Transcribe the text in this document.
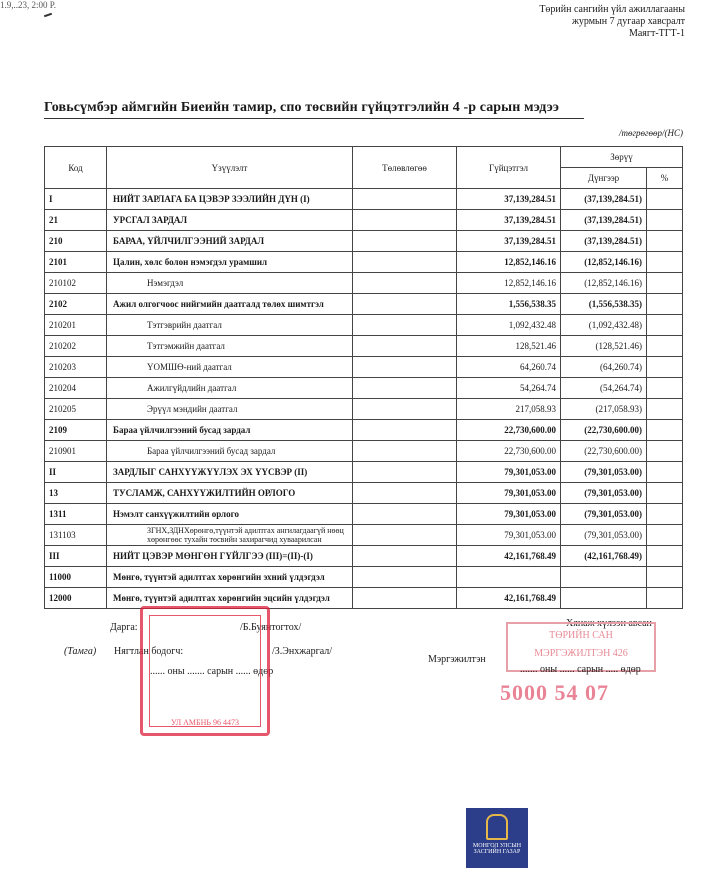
1.9,..23, 2:00 P.	Төрийн сангийн үйл ажиллагааны
журмын 7 дугаар хавсралт
Маягт-ТГТ-1
Говьсүмбэр аймгийн Биеийн тамир, спо төсвийн гүйцэтгэлийн 4 -р сарын мэдээ
/төгрөгөөр/(НС)
Код	Үзүүлэлт	Төлөвлөгөө	Гүйцэтгэл	Зөрүү	
				Дүнгээр	%
I	НИЙТ ЗАРЛАГА БА ЦЭВЭР ЗЭЭЛИЙН ДҮН (I)		37,139,284.51	(37,139,284.51)	
21	УРСГАЛ ЗАРДАЛ		37,139,284.51	(37,139,284.51)	
210	БАРАА, ҮЙЛЧИЛГЭЭНИЙ ЗАРДАЛ		37,139,284.51	(37,139,284.51)	
2101	Цалин, хөлс болон нэмэгдэл урамшил		12,852,146.16	(12,852,146.16)	
210102	Нэмэгдэл		12,852,146.16	(12,852,146.16)	
2102	Ажил олгогчоос нийгмийн даатгалд төлөх шимтгэл		1,556,538.35	(1,556,538.35)	
210201	Тэтгэврийн даатгал		1,092,432.48	(1,092,432.48)	
210202	Тэтгэмжийн даатгал		128,521.46	(128,521.46)	
210203	ҮОМШӨ-ний даатгал		64,260.74	(64,260.74)	
210204	Ажилгүйдлийн даатгал		54,264.74	(54,264.74)	
210205	Эрүүл мэндийн даатгал		217,058.93	(217,058.93)	
2109	Бараа үйлчилгээний бусад зардал		22,730,600.00	(22,730,600.00)	
210901	Бараа үйлчилгээний бусад зардал		22,730,600.00	(22,730,600.00)	
II	ЗАРДЛЫГ САНХҮҮЖҮҮЛЭХ ЭХ ҮҮСВЭР (II)		79,301,053.00	(79,301,053.00)	
13	ТУСЛАМЖ, САНХҮҮЖИЛТИЙН ОРЛОГО		79,301,053.00	(79,301,053.00)	
1311	Нэмэлт санхүүжилтийн орлого		79,301,053.00	(79,301,053.00)	
131103	ЗГНХ,ЗДНХөрөнгө,түүнтэй адилтгах ангилагдаагүй нөөц хөрөнгөөс тухайн төсвийн захирагчид хуваарилсан		79,301,053.00	(79,301,053.00)	
III	НИЙТ ЦЭВЭР МӨНГӨН ГҮЙЛГЭЭ (III)=(II)-(I)		42,161,768.49	(42,161,768.49)	
11000	Мөнгө, түүнтэй адилтгах хөрөнгийн эхний үлдэгдэл				
12000	Мөнгө, түүнтэй адилтгах хөрөнгийн эцсийн үлдэгдэл		42,161,768.49		
Дарга:	/Б.Буянтогтох/
(Тамга) Нягтлан бодогч:	/З.Энхжаргал/
...... оны ....... сарын ...... өдөр
УЛ АМБНЬ 96 4473
Хянаж хүлээн авсан
ТӨРИЙН САН
МЭРГЭЖИЛТЭН 426
Мэргэжилтэн
....... оны ...... сарын ..... өдөр
5000 54 07
МОНГОЛ УЛСЫН
ЗАСГИЙН ГАЗАР
